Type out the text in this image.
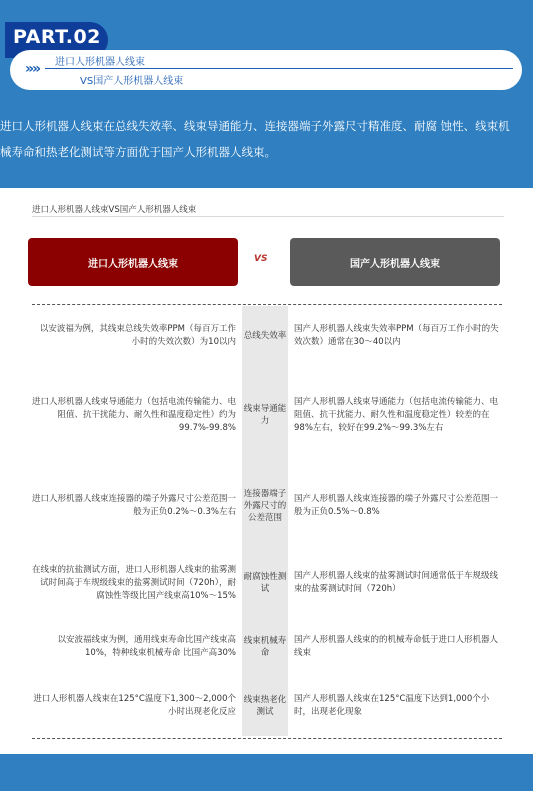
PART.02
»» 进口人形机器人线束
VS国产人形机器人线束
进口人形机器人线束在总线失效率、线束导通能力、连接器端子外露尺寸精准度、耐腐 蚀性、线束机
械寿命和热老化测试等方面优于国产人形机器人线束。
进口人形机器人线束VS国产人形机器人线束
进口人形机器人线束	VS	国产人形机器人线束
以安波福为例，其线束总线失效率PPM（每百万工作小时的失效次数）为10以内
总线失效率
国产人形机器人线束失效率PPM（每百万工作小时的失效次数）通常在30～40以内
进口人形机器人线束导通能力（包括电流传输能力、电阻值、抗干扰能力、耐久性和温度稳定性）约为99.7%-99.8%
线束导通能力
国产人形机器人线束导通能力（包括电流传输能力、电阻值、抗干扰能力、耐久性和温度稳定性）较差的在98%左右，较好在99.2%～99.3%左右
进口人形机器人线束连接器的端子外露尺寸公差范围一般为正负0.2%～0.3%左右
连接器端子外露尺寸的公差范围
国产人形机器人线束连接器的端子外露尺寸公差范围一般为正负0.5%～0.8%
在线束的抗盐测试方面，进口人形机器人线束的盐雾测试时间高于车规级线束的盐雾测试时间（720h），耐腐蚀性等级比国产线束高10%～15%
耐腐蚀性测试
国产人形机器人线束的盐雾测试时间通常低于车规级线束的盐雾测试时间（720h）
以安波福线束为例，通用线束寿命比国产线束高10%，特种线束机械寿命 比国产高30%
线束机械寿命
国产人形机器人线束的的机械寿命低于进口人形机器人线束
进口人形机器人线束在125°C温度下1,300～2,000个小时出现老化反应
线束热老化测试
国产人形机器人线束在125°C温度下达到1,000个小时，出现老化现象
